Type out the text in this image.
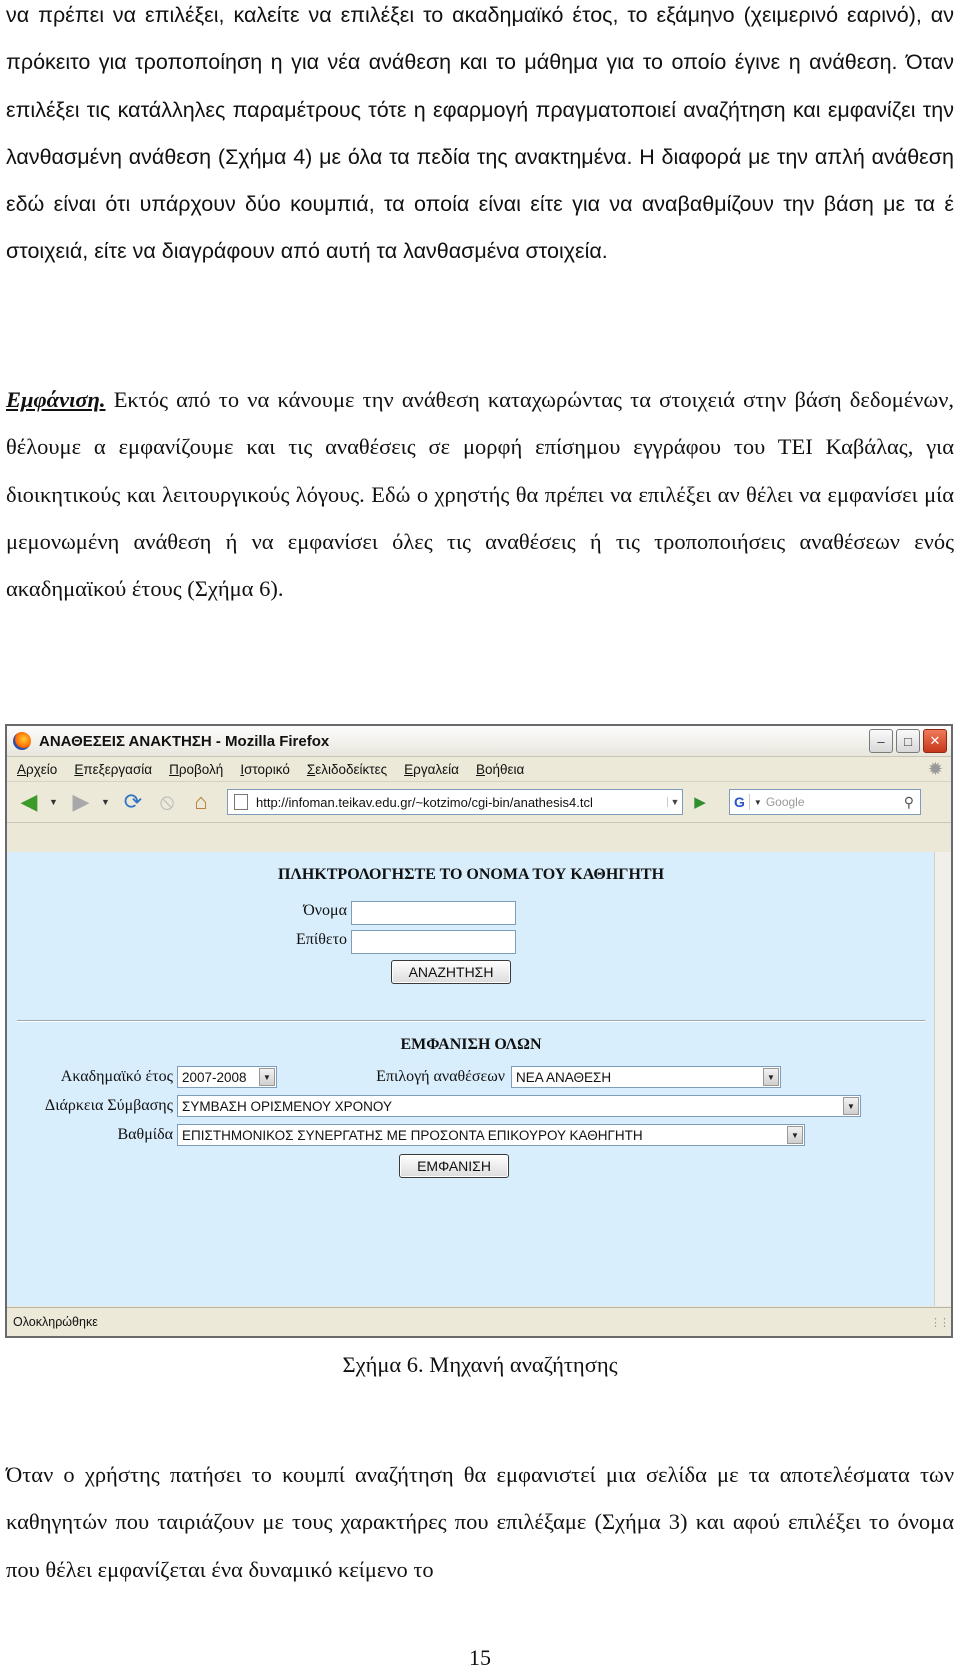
να πρέπει να επιλέξει, καλείτε να επιλέξει το ακαδημαϊκό έτος, το εξάμηνο (χειμερινό εαρινό), αν πρόκειτο για τροποποίηση η για νέα ανάθεση και το μάθημα για το οποίο έγινε η ανάθεση. Όταν επιλέξει τις κατάλληλες παραμέτρους τότε η εφαρμογή πραγματοποιεί αναζήτηση και εμφανίζει την λανθασμένη ανάθεση (Σχήμα 4) με όλα τα πεδία της ανακτημένα. Η διαφορά με την απλή ανάθεση εδώ είναι ότι υπάρχουν δύο κουμπιά, τα οποία είναι είτε για να αναβαθμίζουν την βάση με τα έ στοιχειά, είτε να διαγράφουν από αυτή τα λανθασμένα στοιχεία.

Εμφάνιση. Εκτός από το να κάνουμε την ανάθεση καταχωρώντας τα στοιχειά στην βάση δεδομένων, θέλουμε α εμφανίζουμε και τις αναθέσεις σε μορφή επίσημου εγγράφου του ΤΕΙ Καβάλας, για διοικητικούς και λειτουργικούς λόγους. Εδώ ο χρηστής θα πρέπει να επιλέξει αν θέλει να εμφανίσει μία μεμονωμένη ανάθεση ή να εμφανίσει όλες τις αναθέσεις ή τις τροποποιήσεις αναθέσεων ενός ακαδημαϊκού έτους (Σχήμα 6).

ΑΝΑΘΕΣΕΙΣ ΑΝΑΚΤΗΣΗ - Mozilla Firefox	–	□	✕
Αρχείο Επεξεργασία Προβολή Ιστορικό Σελιδοδείκτες Εργαλεία Βοήθεια	✹
◀	▼ ▶	▼ ⟳ ⦸ ⌂	http://infoman.teikav.edu.gr/~kotzimo/cgi-bin/anathesis4.tcl	▼ ▶	G	▼ Google	⚲
ΠΛΗΚΤΡΟΛΟΓΗΣΤΕ ΤΟ ΟΝΟΜΑ ΤΟΥ ΚΑΘΗΓΗΤΗ
Όνομα
Επίθετο
ΑΝΑΖΗΤΗΣΗ
ΕΜΦΑΝΙΣΗ ΟΛΩΝ
Ακαδημαϊκό έτος 2007-2008	▼	Επιλογή αναθέσεων ΝΕΑ ΑΝΑΘΕΣΗ	▼
Διάρκεια Σύμβασης ΣΥΜΒΑΣΗ ΟΡΙΣΜΕΝΟΥ ΧΡΟΝΟΥ	▼
Βαθμίδα ΕΠΙΣΤΗΜΟΝΙΚΟΣ ΣΥΝΕΡΓΑΤΗΣ ΜΕ ΠΡΟΣΟΝΤΑ ΕΠΙΚΟΥΡΟΥ ΚΑΘΗΓΗΤΗ	▼
ΕΜΦΑΝΙΣΗ
Ολοκληρώθηκε	⋮⋮
Σχήμα 6. Μηχανή αναζήτησης

Όταν ο χρήστης πατήσει το κουμπί αναζήτηση θα εμφανιστεί μια σελίδα με τα αποτελέσματα των καθηγητών που ταιριάζουν με τους χαρακτήρες που επιλέξαμε (Σχήμα 3) και αφού επιλέξει το όνομα που θέλει εμφανίζεται ένα δυναμικό κείμενο το

15
